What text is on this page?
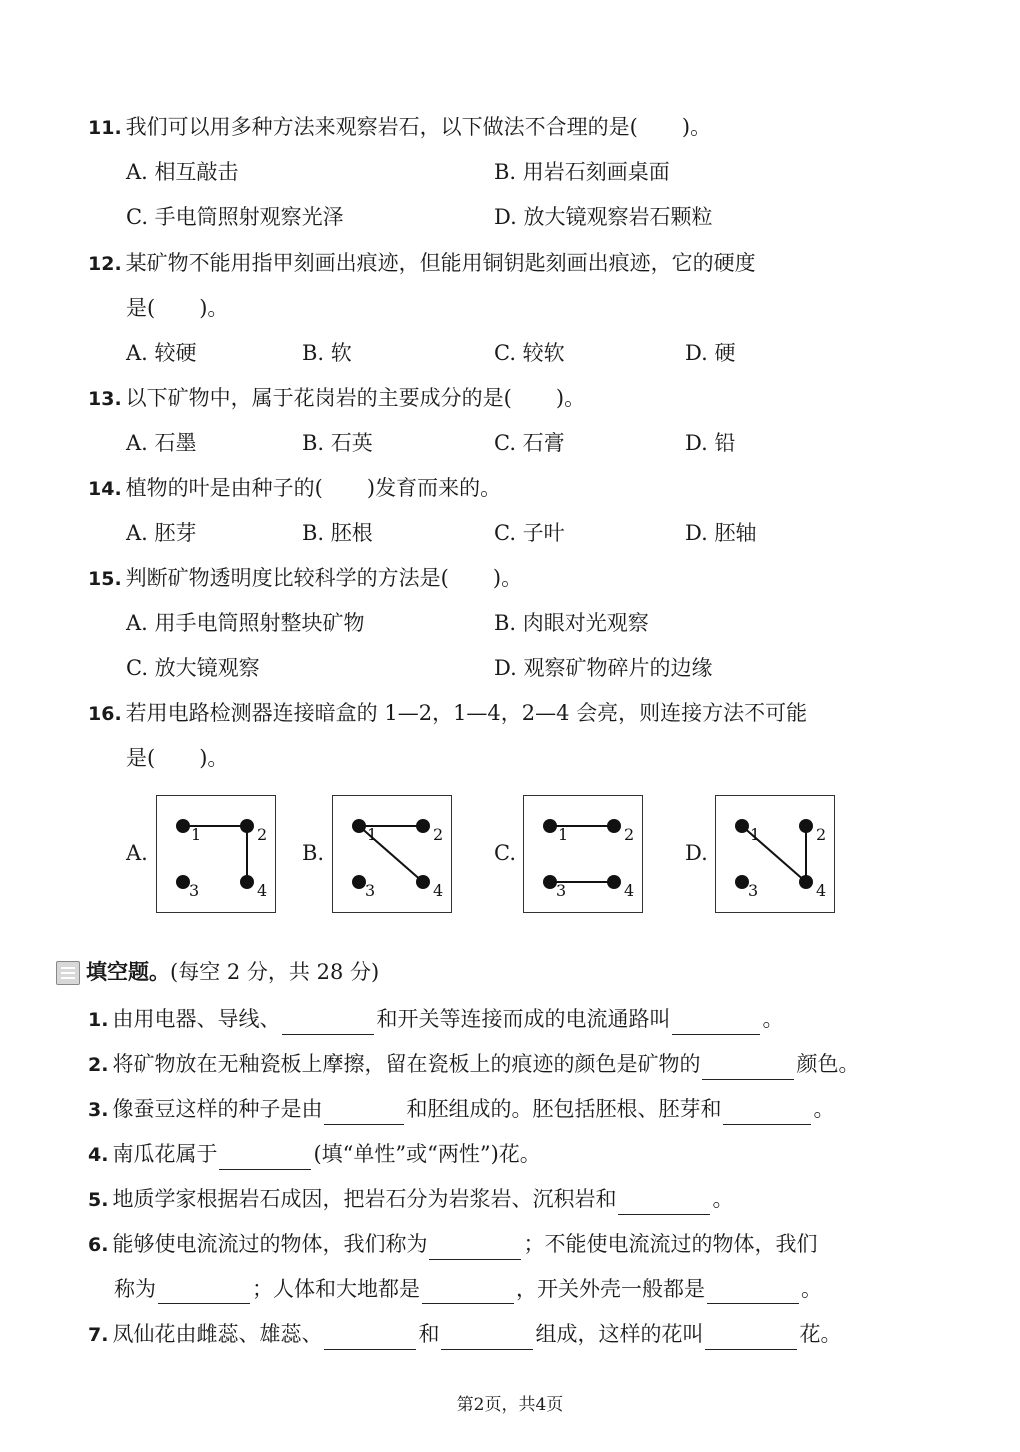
11. 我们可以用多种方法来观察岩石，以下做法不合理的是( )。
A. 相互敲击	B. 用岩石刻画桌面
C. 手电筒照射观察光泽	D. 放大镜观察岩石颗粒
12. 某矿物不能用指甲刻画出痕迹，但能用铜钥匙刻画出痕迹，它的硬度
是( )。
A. 较硬	B. 软	C. 较软	D. 硬
13. 以下矿物中，属于花岗岩的主要成分的是( )。
A. 石墨	B. 石英	C. 石膏	D. 铅
14. 植物的叶是由种子的( )发育而来的。
A. 胚芽	B. 胚根	C. 子叶	D. 胚轴
15. 判断矿物透明度比较科学的方法是( )。
A. 用手电筒照射整块矿物	B. 肉眼对光观察
C. 放大镜观察	D. 观察矿物碎片的边缘
16. 若用电路检测器连接暗盒的 1—2，1—4，2—4 会亮，则连接方法不可能
是( )。
A.
1	2
3	4
B.
1	2
3	4
C.
1	2
3	4
D.
1	2
3	4
填空题。(每空 2 分，共 28 分)
1. 由用电器、导线、	和开关等连接而成的电流通路叫	。
2. 将矿物放在无釉瓷板上摩擦，留在瓷板上的痕迹的颜色是矿物的	颜色。
3. 像蚕豆这样的种子是由	和胚组成的。胚包括胚根、胚芽和	。
4. 南瓜花属于	(填“单性”或“两性”)花。
5. 地质学家根据岩石成因，把岩石分为岩浆岩、沉积岩和	。
6. 能够使电流流过的物体，我们称为	；不能使电流流过的物体，我们
称为	；人体和大地都是	，开关外壳一般都是	。
7. 凤仙花由雌蕊、雄蕊、	和	组成，这样的花叫	花。
第2页，共4页
